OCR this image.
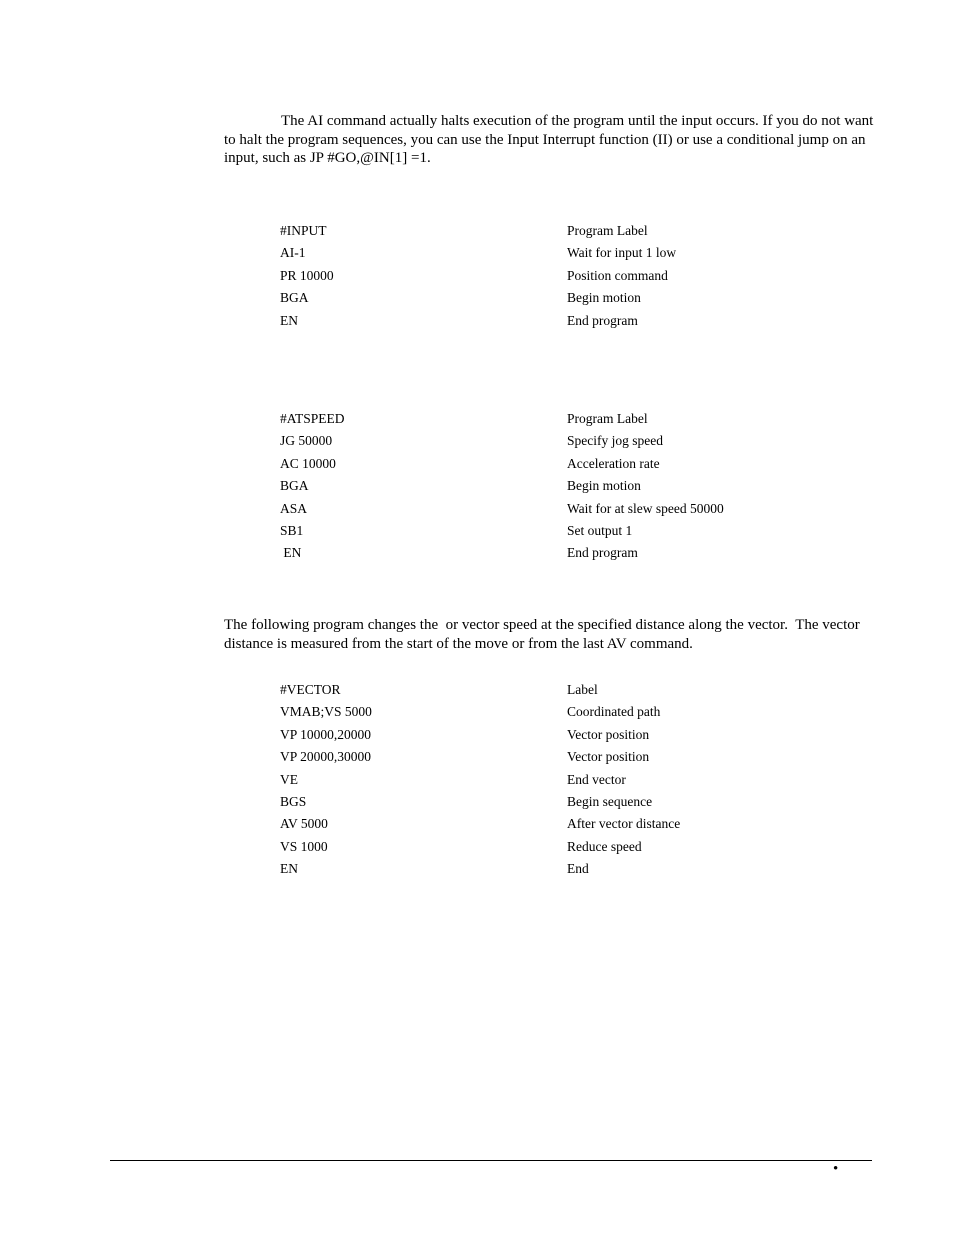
The AI command actually halts execution of the program until the input occurs. If you do not want to halt the program sequences, you can use the Input Interrupt function (II) or use a conditional jump on an input, such as JP #GO,@IN[1] =1.

#INPUT	Program Label
AI-1	Wait for input 1 low
PR 10000	Position command
BGA	Begin motion
EN	End program
#ATSPEED	Program Label
JG 50000	Specify jog speed
AC 10000	Acceleration rate
BGA	Begin motion
ASA	Wait for at slew speed 50000
SB1	Set output 1
EN	End program

The following program changes the  or vector speed at the specified distance along the vector.  The vector distance is measured from the start of the move or from the last AV command.

#VECTOR	Label
VMAB;VS 5000	Coordinated path
VP 10000,20000	Vector position
VP 20000,30000	Vector position
VE	End vector
BGS	Begin sequence
AV 5000	After vector distance
VS 1000	Reduce speed
EN	End
•
